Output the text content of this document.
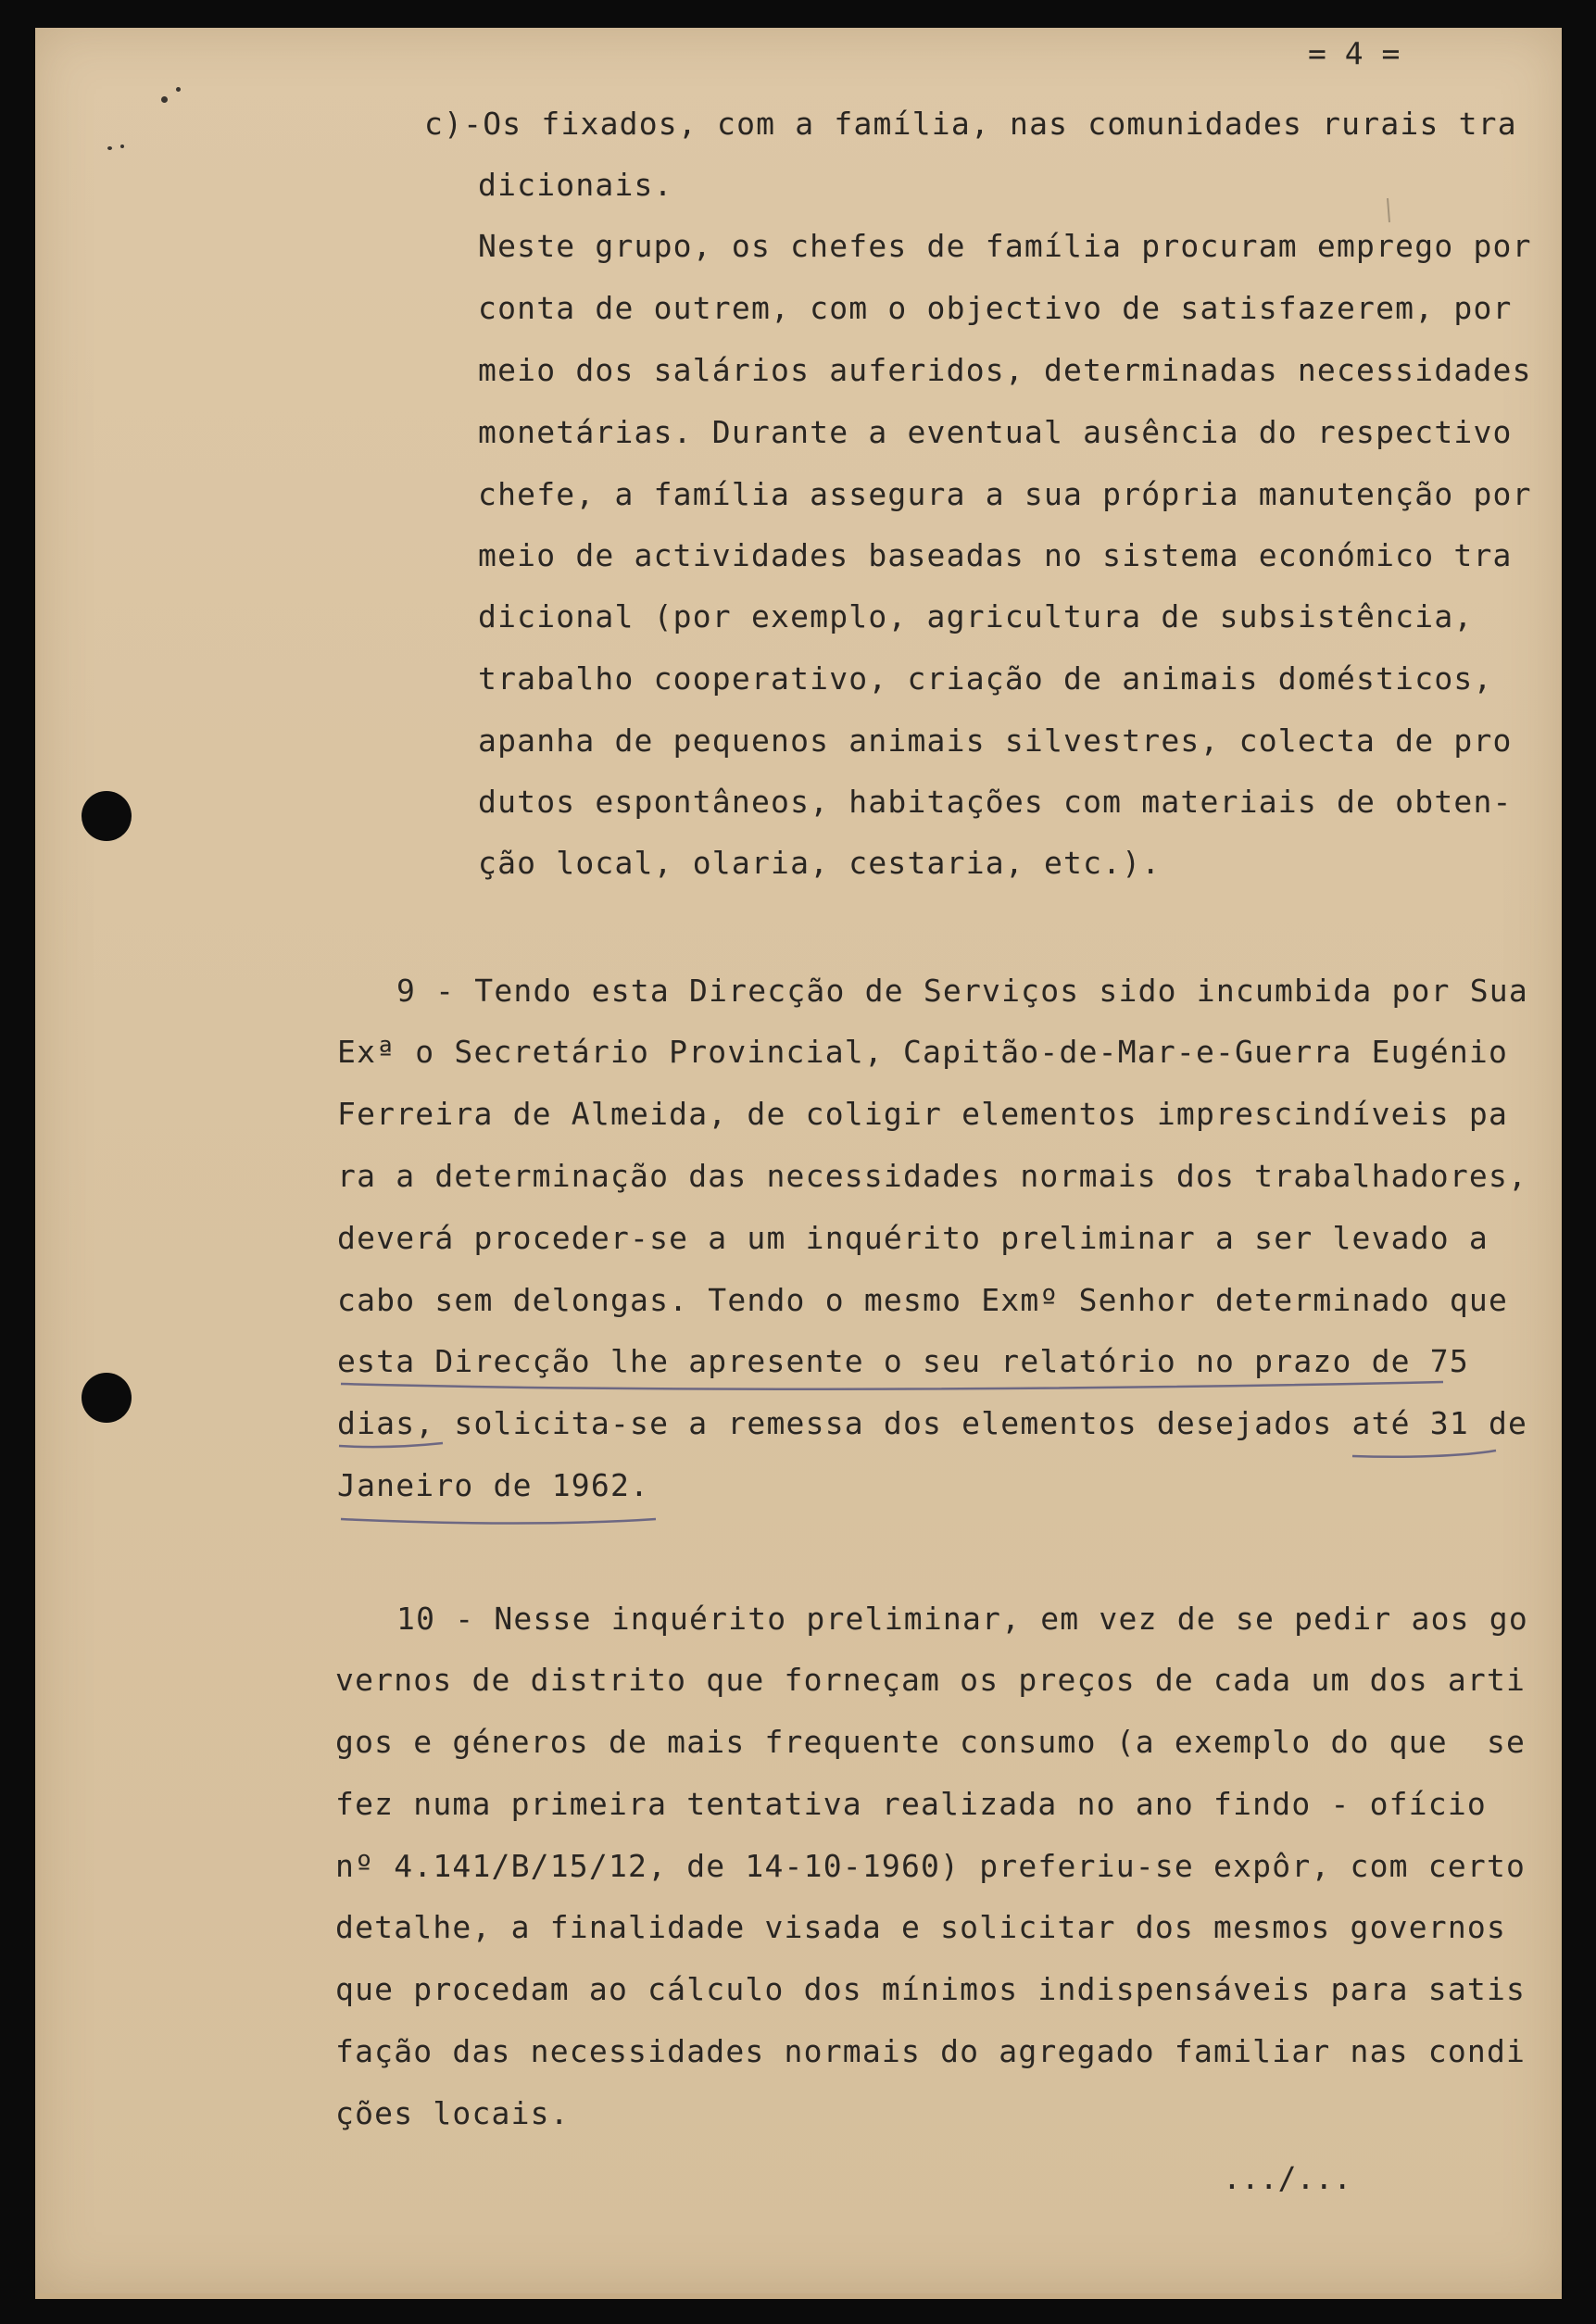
= 4 =

c)-Os fixados, com a família, nas comunidades rurais tra

dicionais.

Neste grupo, os chefes de família procuram emprego por

conta de outrem, com o objectivo de satisfazerem, por

meio dos salários auferidos, determinadas necessidades

monetárias. Durante a eventual ausência do respectivo

chefe, a família assegura a sua própria manutenção por

meio de actividades baseadas no sistema económico tra

dicional (por exemplo, agricultura de subsistência,

trabalho cooperativo, criação de animais domésticos,

apanha de pequenos animais silvestres, colecta de pro

dutos espontâneos, habitações com materiais de obten-

ção local, olaria, cestaria, etc.).

9 - Tendo esta Direcção de Serviços sido incumbida por Sua

Exª o Secretário Provincial, Capitão-de-Mar-e-Guerra Eugénio

Ferreira de Almeida, de coligir elementos imprescindíveis pa

ra a determinação das necessidades normais dos trabalhadores,

deverá proceder-se a um inquérito preliminar a ser levado a

cabo sem delongas. Tendo o mesmo Exmº Senhor determinado que

esta Direcção lhe apresente o seu relatório no prazo de 75

dias, solicita-se a remessa dos elementos desejados até 31 de

Janeiro de 1962.

10 - Nesse inquérito preliminar, em vez de se pedir aos go

vernos de distrito que forneçam os preços de cada um dos arti

gos e géneros de mais frequente consumo (a exemplo do que  se

fez numa primeira tentativa realizada no ano findo - ofício

nº 4.141/B/15/12, de 14-10-1960) preferiu-se expôr, com certo

detalhe, a finalidade visada e solicitar dos mesmos governos

que procedam ao cálculo dos mínimos indispensáveis para satis

fação das necessidades normais do agregado familiar nas condi

ções locais.

.../...
